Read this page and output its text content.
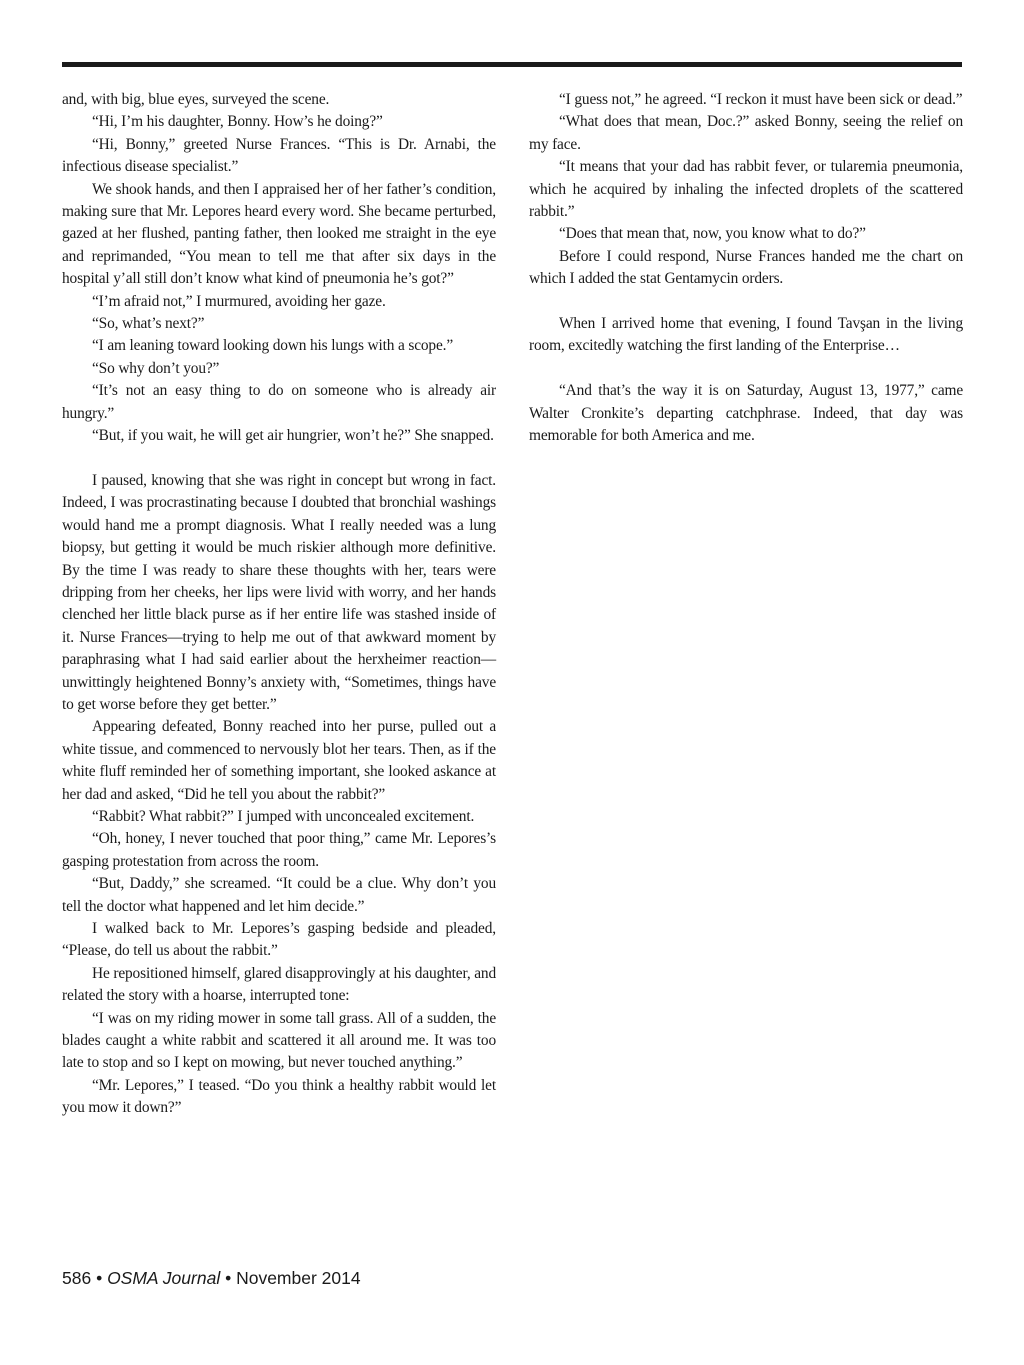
and, with big, blue eyes, surveyed the scene.

“Hi, I’m his daughter, Bonny. How’s he doing?”

“Hi, Bonny,” greeted Nurse Frances. “This is Dr. Arnabi, the infectious disease specialist.”

We shook hands, and then I appraised her of her father’s condition, making sure that Mr. Lepores heard every word. She became perturbed, gazed at her flushed, panting father, then looked me straight in the eye and reprimanded, “You mean to tell me that after six days in the hospital y’all still don’t know what kind of pneumonia he’s got?”

“I’m afraid not,” I murmured, avoiding her gaze.

“So, what’s next?”

“I am leaning toward looking down his lungs with a scope.”

“So why don’t you?”

“It’s not an easy thing to do on someone who is already air hungry.”

“But, if you wait, he will get air hungrier, won’t he?” She snapped.

I paused, knowing that she was right in concept but wrong in fact. Indeed, I was procrastinating because I doubted that bronchial washings would hand me a prompt diagnosis. What I really needed was a lung biopsy, but getting it would be much riskier although more definitive. By the time I was ready to share these thoughts with her, tears were dripping from her cheeks, her lips were livid with worry, and her hands clenched her little black purse as if her entire life was stashed inside of it. Nurse Frances—trying to help me out of that awkward moment by paraphrasing what I had said earlier about the herxheimer reaction—unwittingly heightened Bonny’s anxiety with, “Sometimes, things have to get worse before they get better.”

Appearing defeated, Bonny reached into her purse, pulled out a white tissue, and commenced to nervously blot her tears. Then, as if the white fluff reminded her of something important, she looked askance at her dad and asked, “Did he tell you about the rabbit?”

“Rabbit? What rabbit?” I jumped with unconcealed excitement.

“Oh, honey, I never touched that poor thing,” came Mr. Lepores’s gasping protestation from across the room.

“But, Daddy,” she screamed. “It could be a clue. Why don’t you tell the doctor what happened and let him decide.”

I walked back to Mr. Lepores’s gasping bedside and pleaded, “Please, do tell us about the rabbit.”

He repositioned himself, glared disapprovingly at his daughter, and related the story with a hoarse, interrupted tone:

“I was on my riding mower in some tall grass. All of a sudden, the blades caught a white rabbit and scattered it all around me. It was too late to stop and so I kept on mowing, but never touched anything.”

“Mr. Lepores,” I teased. “Do you think a healthy rabbit would let you mow it down?”

“I guess not,” he agreed. “I reckon it must have been sick or dead.”

“What does that mean, Doc.?” asked Bonny, seeing the relief on my face.

“It means that your dad has rabbit fever, or tularemia pneumonia, which he acquired by inhaling the infected droplets of the scattered rabbit.”

“Does that mean that, now, you know what to do?”

Before I could respond, Nurse Frances handed me the chart on which I added the stat Gentamycin orders.

When I arrived home that evening, I found Tavşan in the living room, excitedly watching the first landing of the Enterprise…

“And that’s the way it is on Saturday, August 13, 1977,” came Walter Cronkite’s departing catchphrase. Indeed, that day was memorable for both America and me.

586 • OSMA Journal • November 2014
